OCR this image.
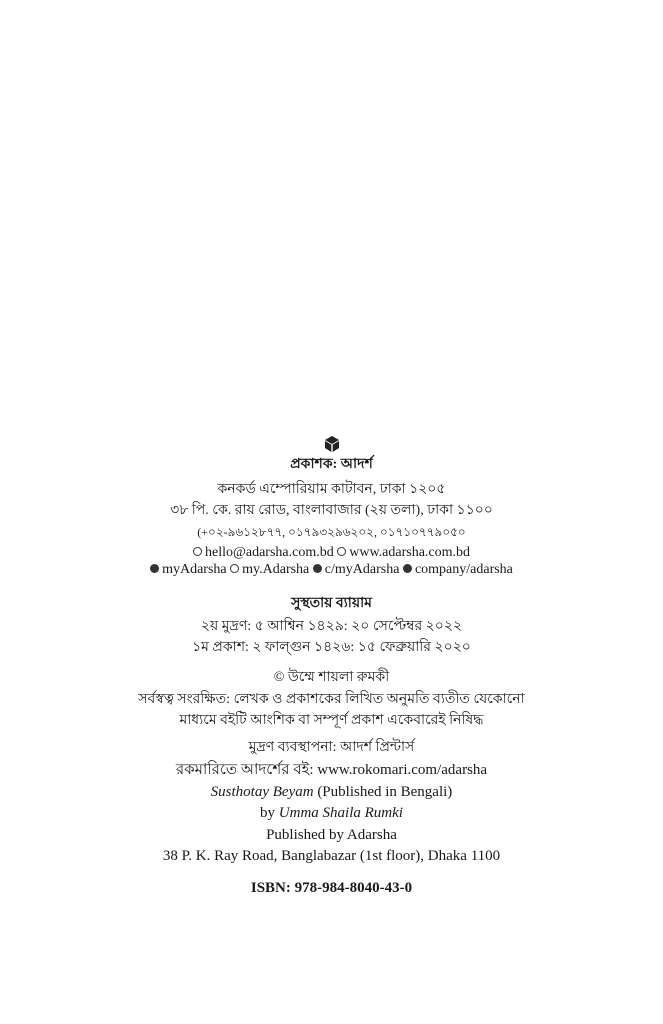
প্রকাশক: আদর্শ
কনকর্ড এম্পোরিয়াম কাটাবন, ঢাকা ১২০৫
৩৮ পি. কে. রায় রোড, বাংলাবাজার (২য় তলা), ঢাকা ১১০০
(+০২-৯৬১২৮৭৭, ০১৭৯৩২৯৬২০২, ০১৭১০৭৭৯০৫০
hello@adarsha.com.bd www.adarsha.com.bd
myAdarsha my.Adarsha c/myAdarsha company/adarsha
সুস্থতায় ব্যায়াম
২য় মুদ্রণ: ৫ আশ্বিন ১৪২৯: ২০ সেপ্টেম্বর ২০২২
১ম প্রকাশ: ২ ফাল্গুন ১৪২৬: ১৫ ফেব্রুয়ারি ২০২০
© উম্মে শায়লা রুমকী
সর্বস্বত্ব সংরক্ষিত: লেখক ও প্রকাশকের লিখিত অনুমতি ব্যতীত যেকোনো
মাধ্যমে বইটি আংশিক বা সম্পূর্ণ প্রকাশ একেবারেই নিষিদ্ধ
মুদ্রণ ব্যবস্থাপনা: আদর্শ প্রিন্টার্স
রকমারিতে আদর্শের বই: www.rokomari.com/adarsha
Susthotay Beyam (Published in Bengali)
by Umma Shaila Rumki
Published by Adarsha
38 P. K. Ray Road, Banglabazar (1st floor), Dhaka 1100
ISBN: 978-984-8040-43-0
